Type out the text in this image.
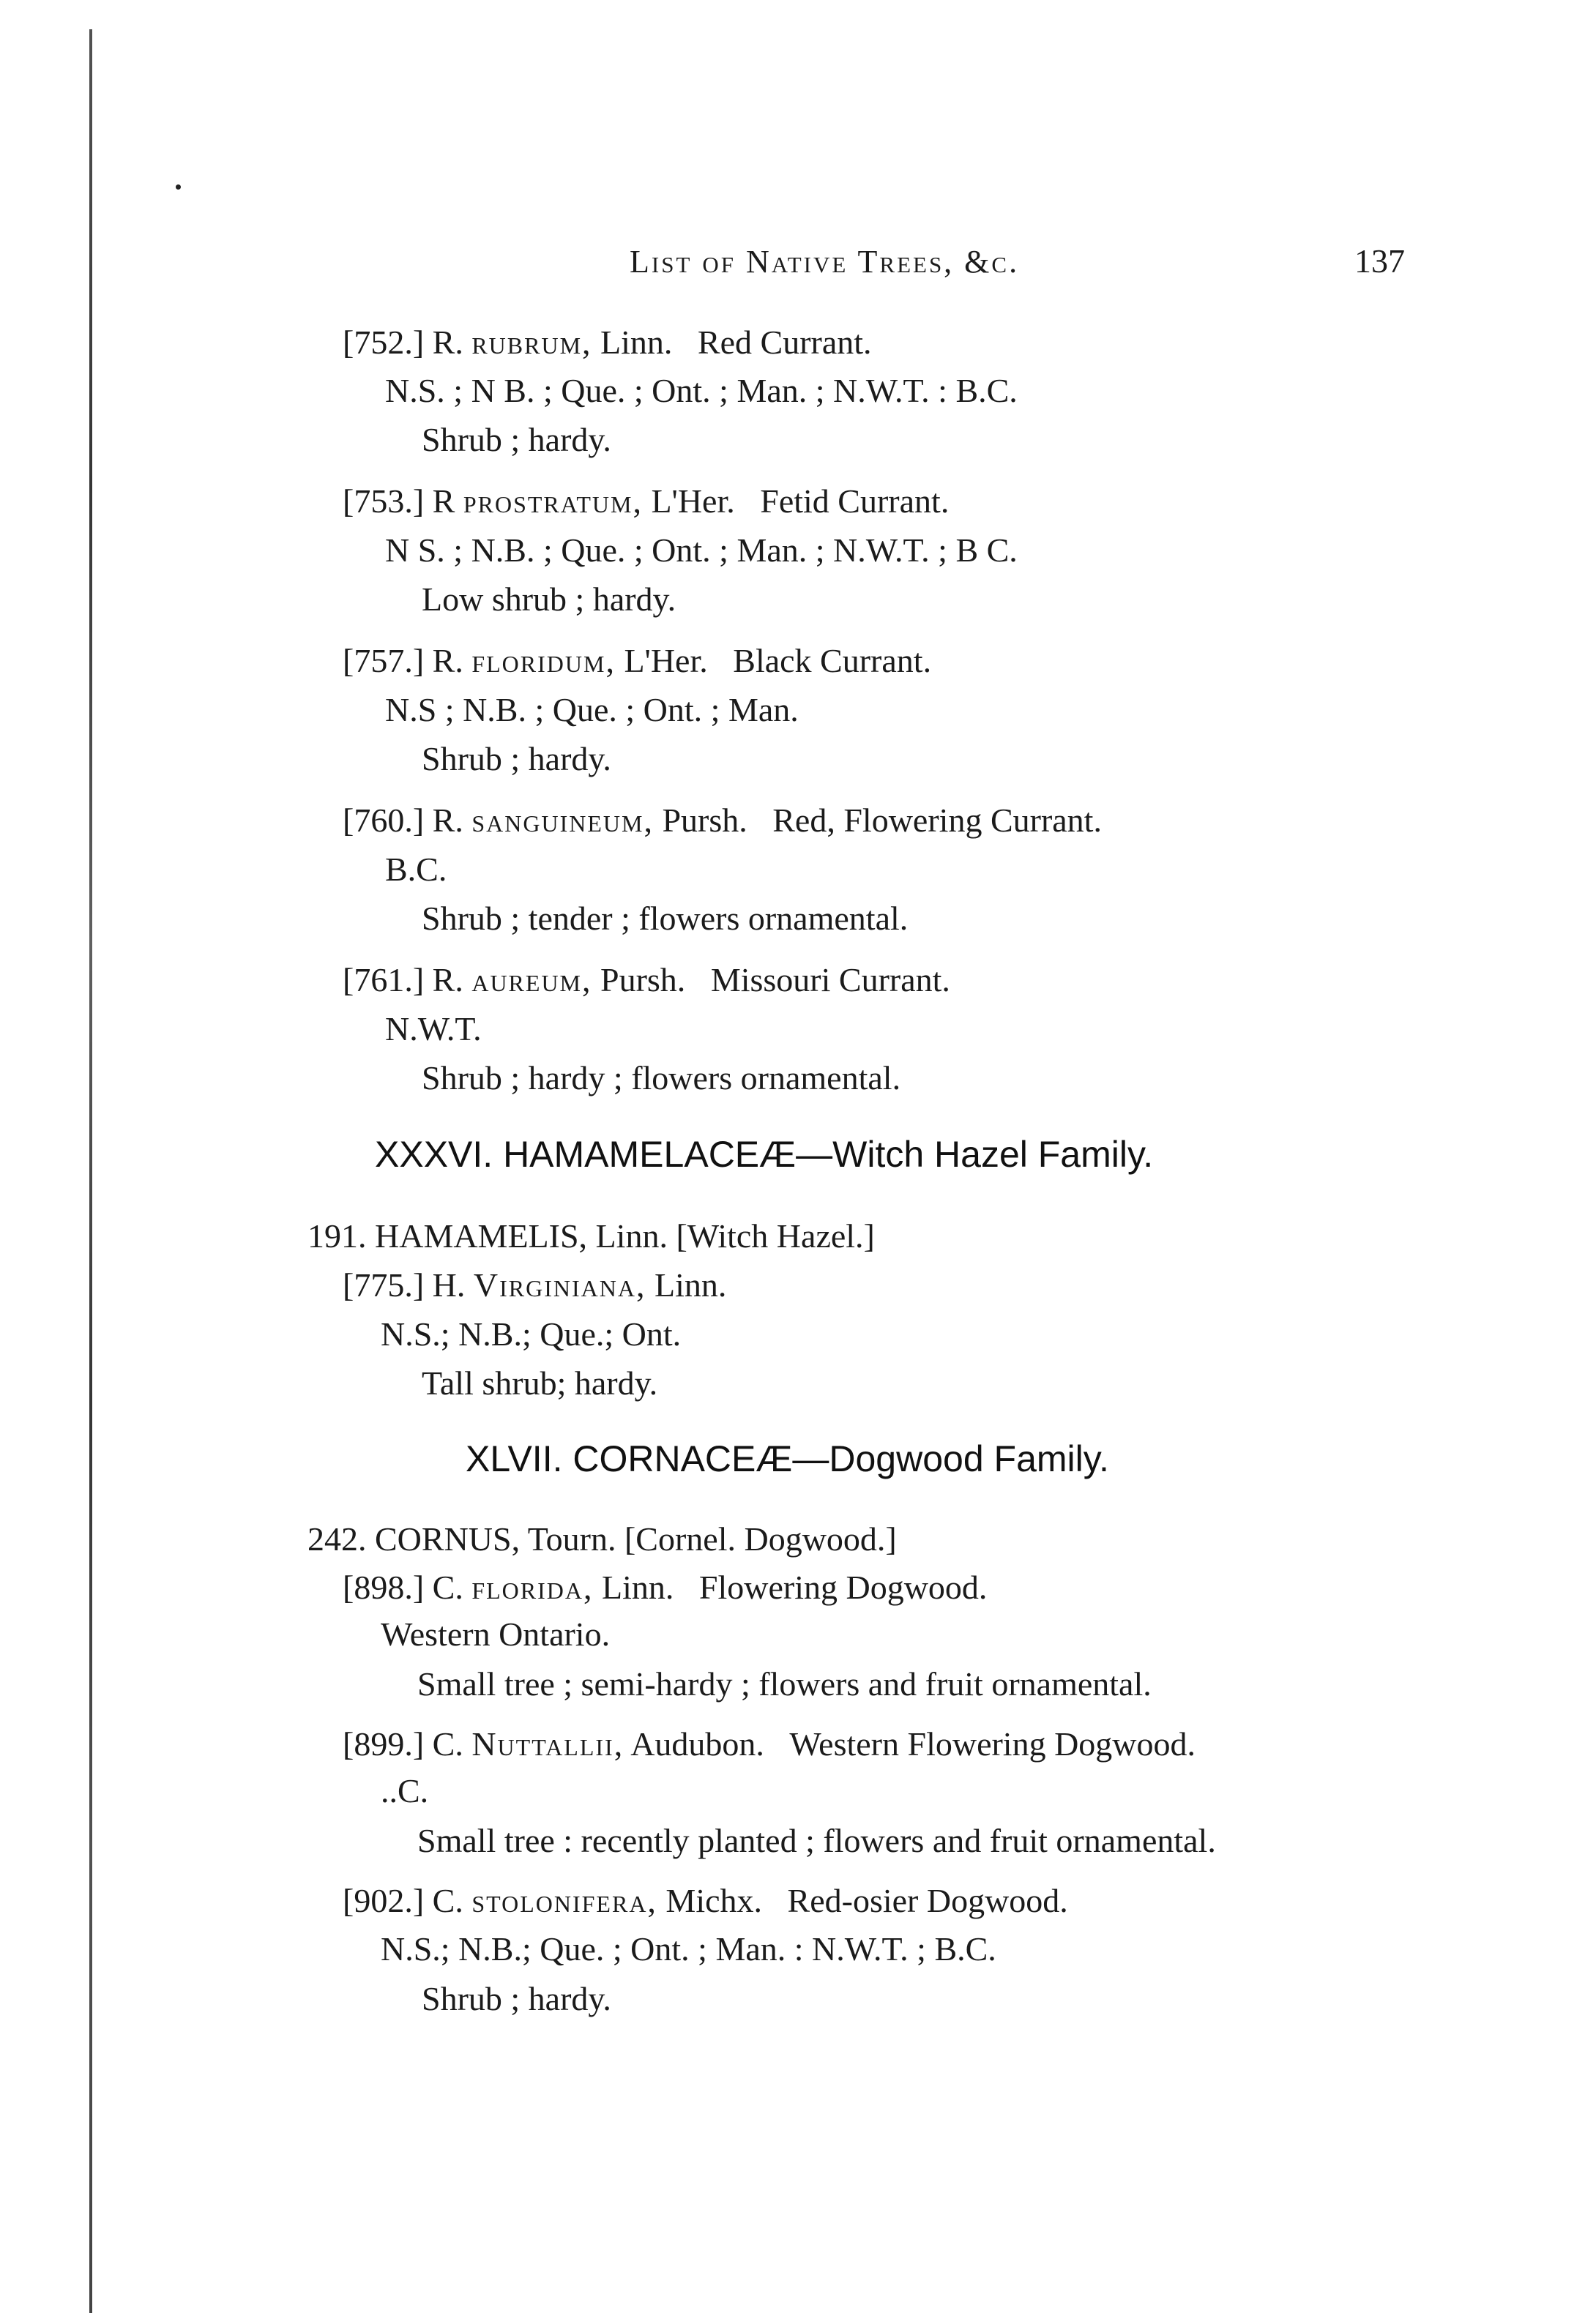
List of Native Trees, &c.	137
[752.] R. rubrum, Linn. Red Currant.
N.S. ; N B. ; Que. ; Ont. ; Man. ; N.W.T. : B.C.
Shrub ; hardy.
[753.] R prostratum, L'Her. Fetid Currant.
N S. ; N.B. ; Que. ; Ont. ; Man. ; N.W.T. ; B C.
Low shrub ; hardy.
[757.] R. floridum, L'Her. Black Currant.
N.S ; N.B. ; Que. ; Ont. ; Man.
Shrub ; hardy.
[760.] R. sanguineum, Pursh. Red, Flowering Currant.
B.C.
Shrub ; tender ; flowers ornamental.
[761.] R. aureum, Pursh. Missouri Currant.
N.W.T.
Shrub ; hardy ; flowers ornamental.
XXXVI. HAMAMELACEÆ—Witch Hazel Family.
191. HAMAMELIS, Linn. [Witch Hazel.]
[775.] H. Virginiana, Linn.
N.S.; N.B.; Que.; Ont.
Tall shrub; hardy.
XLVII. CORNACEÆ—Dogwood Family.
242. CORNUS, Tourn. [Cornel. Dogwood.]
[898.] C. florida, Linn. Flowering Dogwood.
Western Ontario.
Small tree ; semi-hardy ; flowers and fruit ornamental.
[899.] C. Nuttallii, Audubon. Western Flowering Dogwood.
..C.
Small tree : recently planted ; flowers and fruit ornamental.
[902.] C. stolonifera, Michx. Red-osier Dogwood.
N.S.; N.B.; Que. ; Ont. ; Man. : N.W.T. ; B.C.
Shrub ; hardy.
